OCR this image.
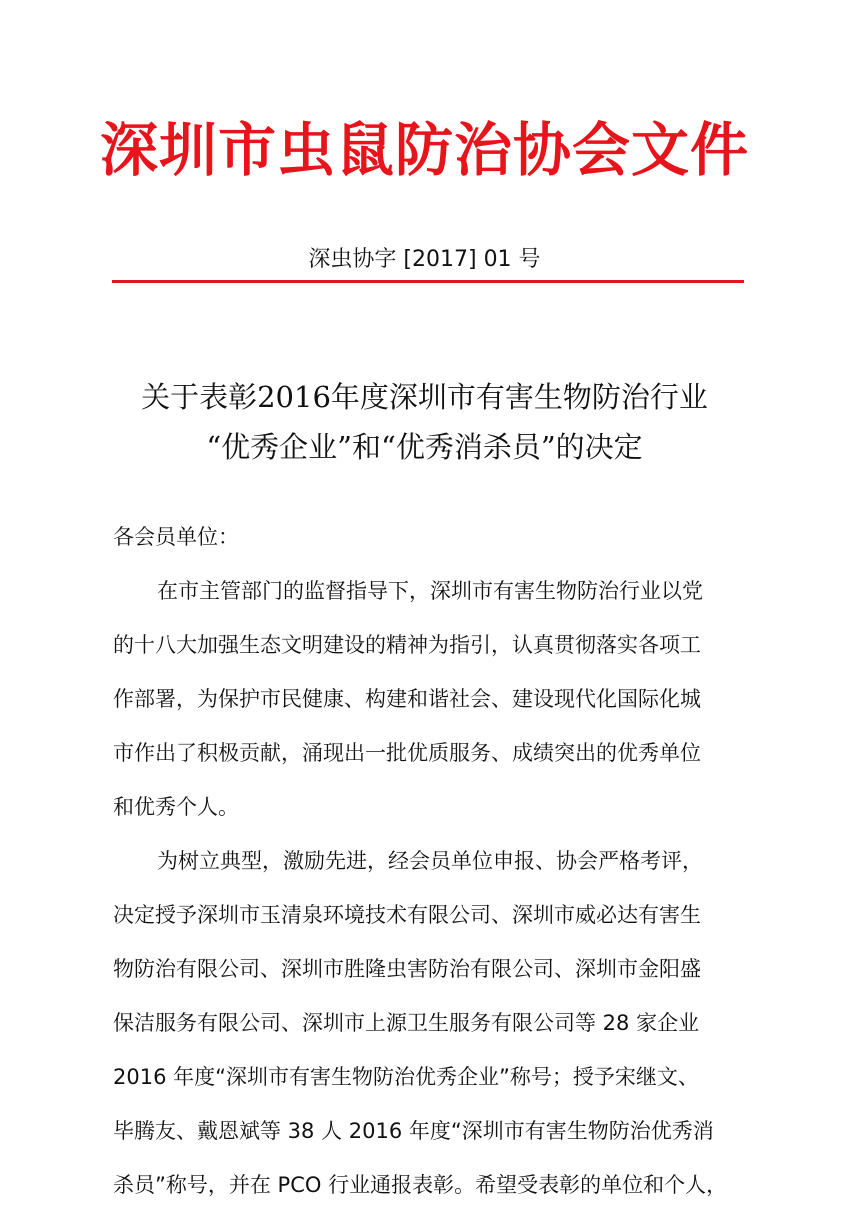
深圳市虫鼠防治协会文件
深虫协字 [2017] 01 号
关于表彰2016年度深圳市有害生物防治行业
“优秀企业”和“优秀消杀员”的决定
各会员单位：
在市主管部门的监督指导下，深圳市有害生物防治行业以党
的十八大加强生态文明建设的精神为指引，认真贯彻落实各项工
作部署，为保护市民健康、构建和谐社会、建设现代化国际化城
市作出了积极贡献，涌现出一批优质服务、成绩突出的优秀单位
和优秀个人。
为树立典型，激励先进，经会员单位申报、协会严格考评，
决定授予深圳市玉清泉环境技术有限公司、深圳市威必达有害生
物防治有限公司、深圳市胜隆虫害防治有限公司、深圳市金阳盛
保洁服务有限公司、深圳市上源卫生服务有限公司等 28 家企业
2016 年度“深圳市有害生物防治优秀企业”称号；授予宋继文、
毕腾友、戴恩斌等 38 人 2016 年度“深圳市有害生物防治优秀消
杀员”称号，并在 PCO 行业通报表彰。希望受表彰的单位和个人，
